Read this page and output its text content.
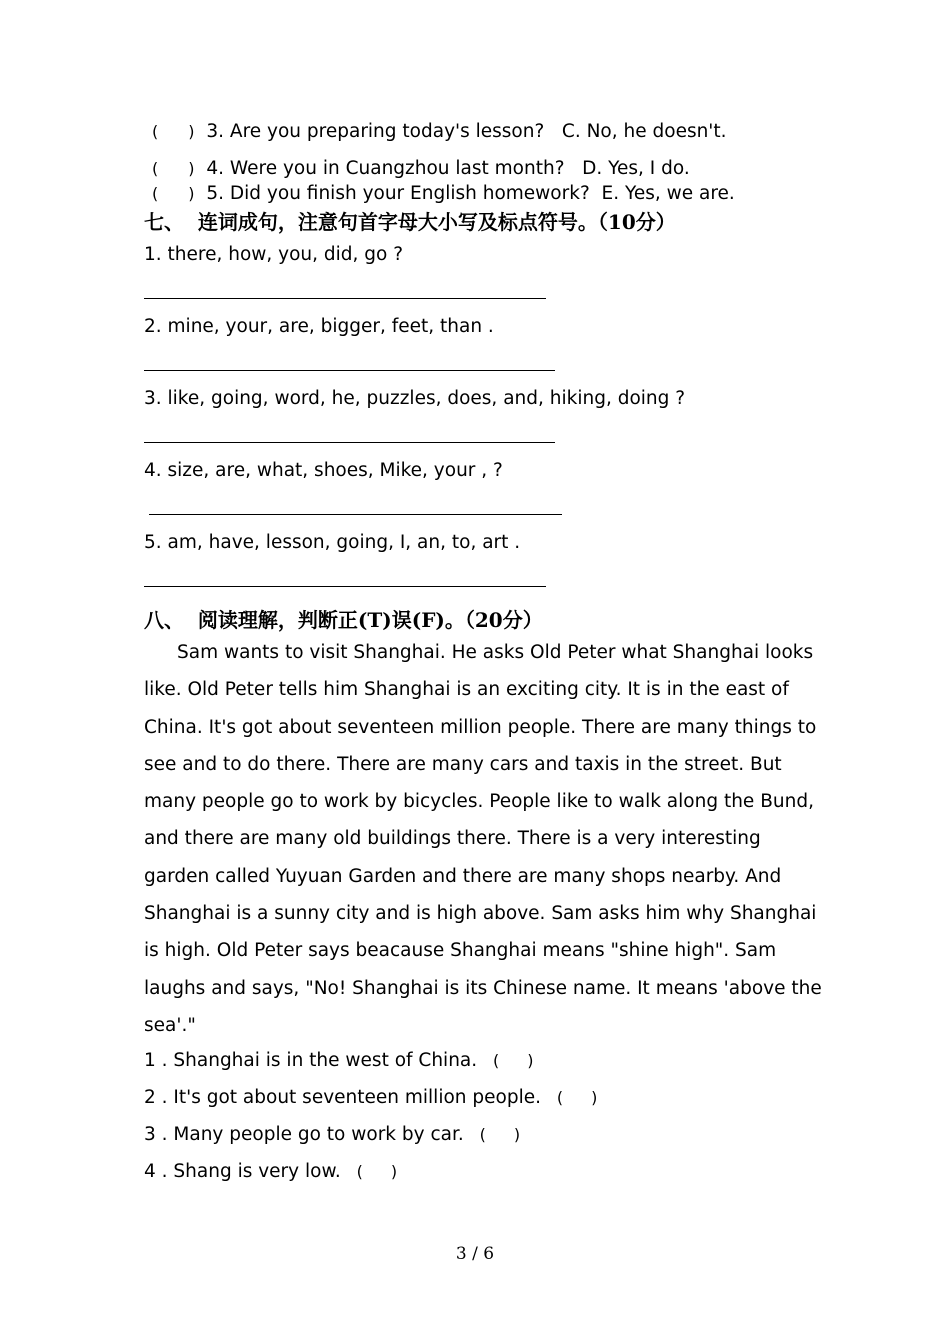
( ) 3. Are you preparing today's lesson?   C. No, he doesn't.
( ) 4. Were you in Cuangzhou last month?   D. Yes, I do.
( ) 5. Did you finish your English homework?  E. Yes, we are.
七、  连词成句，注意句首字母大小写及标点符号。（10分）
1. there, how, you, did, go ?
2. mine, your, are, bigger, feet, than .
3. like, going, word, he, puzzles, does, and, hiking, doing ?
4. size, are, what, shoes, Mike, your , ?
5. am, have, lesson, going, I, an, to, art .
八、  阅读理解，判断正(T)误(F)。（20分）
Sam wants to visit Shanghai. He asks Old Peter what Shanghai looks like. Old Peter tells him Shanghai is an exciting city. It is in the east of China. It's got about seventeen million people. There are many things to see and to do there. There are many cars and taxis in the street. But many people go to work by bicycles. People like to walk along the Bund, and there are many old buildings there. There is a very interesting garden called Yuyuan Garden and there are many shops nearby. And Shanghai is a sunny city and is high above. Sam asks him why Shanghai is high. Old Peter says beacause Shanghai means "shine high". Sam laughs and says, "No! Shanghai is its Chinese name. It means 'above the sea'."
1 . Shanghai is in the west of China. ( )
2 . It's got about seventeen million people. ( )
3 . Many people go to work by car. ( )
4 . Shang is very low. ( )
3 / 6
